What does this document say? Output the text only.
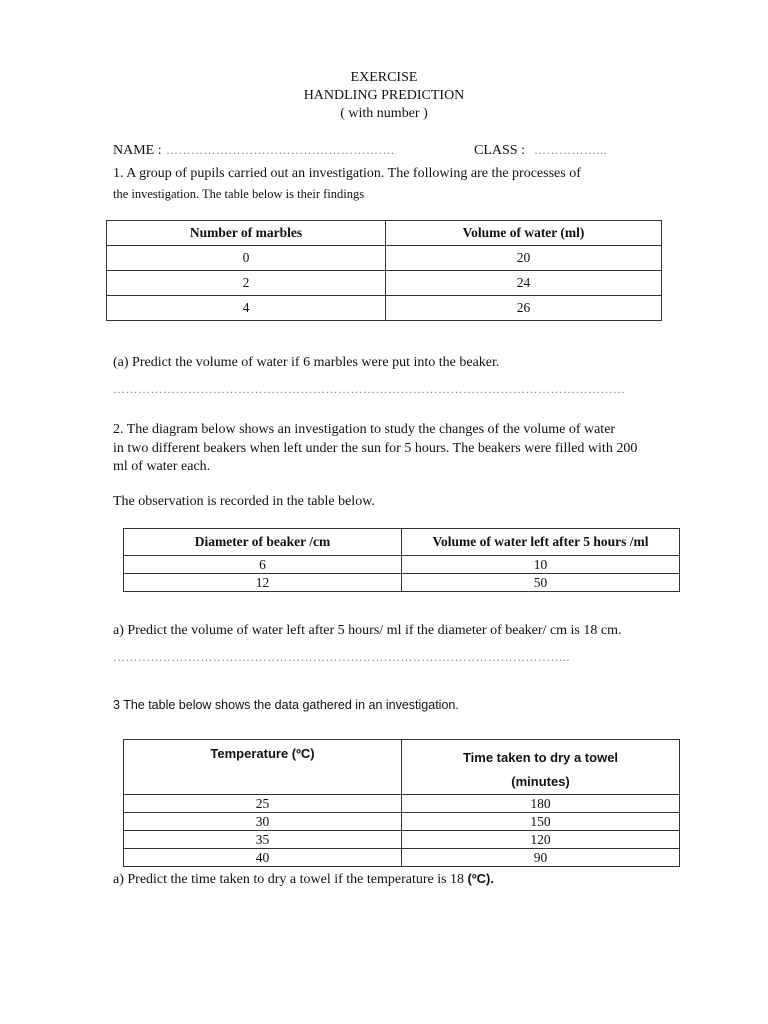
EXERCISE
HANDLING PREDICTION
( with number )
NAME : ……………………………………………….	CLASS : ……………...
1. A group of pupils carried out an investigation. The following are the processes of
the investigation. The table below is their findings
Number of marbles	Volume of water (ml)
0	20
2	24
4	26
(a) Predict the volume of water if 6 marbles were put into the beaker.
……………………………………………………………………………………………………………
2. The diagram below shows an investigation to study the changes of the volume of water
in two different beakers when left under the sun for 5 hours. The beakers were filled with 200
ml of water each.
The observation is recorded in the table below.
Diameter of beaker /cm	Volume of water left after 5 hours /ml
6	10
12	50
a) Predict the volume of water left after 5 hours/ ml if the diameter of beaker/ cm is 18 cm.
………………………………………………………………………………………………..
3 The table below shows the data gathered in an investigation.
Temperature (ºC)	Time taken to dry a towel
(minutes)
25	180
30	150
35	120
40	90
a) Predict the time taken to dry a towel if the temperature is 18 (ºC).
